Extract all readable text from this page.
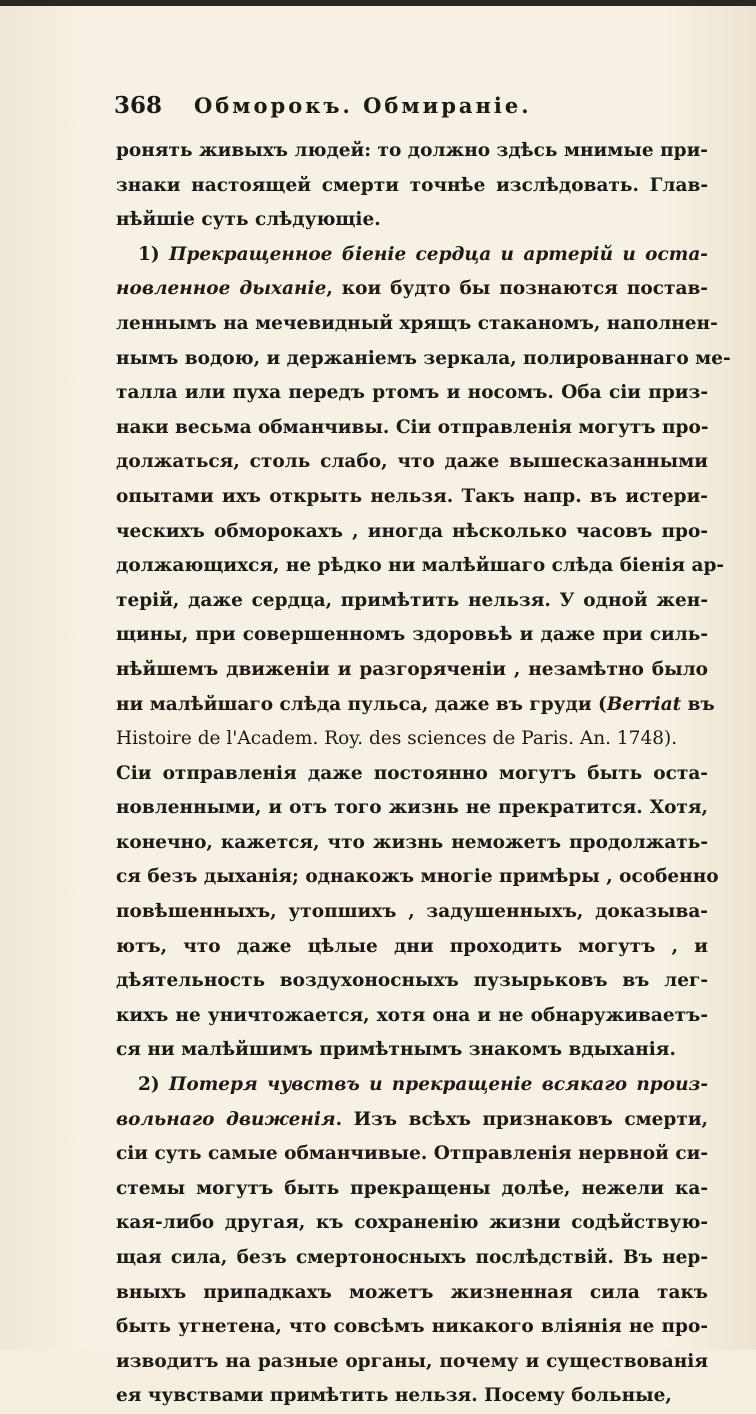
368	Обморокъ. Обмираніе.
ронять живыхъ людей: то должно здѣсь мнимые при-
знаки настоящей смерти точнѣе изслѣдовать. Глав-
нѣйшіе суть слѣдующіе.
1) Прекращенное біеніе сердца и артерій и оста-
новленное дыханіе, кои будто бы познаются постав-
леннымъ на мечевидный хрящъ стаканомъ, наполнен-
нымъ водою, и держаніемъ зеркала, полированнаго ме-
талла или пуха передъ ртомъ и носомъ. Оба сіи приз-
наки весьма обманчивы. Сіи отправленія могутъ про-
должаться, столь слабо, что даже вышесказанными
опытами ихъ открыть нельзя. Такъ напр. въ истери-
ческихъ обморокахъ , иногда нѣсколько часовъ про-
должающихся, не рѣдко ни малѣйшаго слѣда біенія ар-
терій, даже сердца, примѣтить нельзя. У одной жен-
щины, при совершенномъ здоровьѣ и даже при силь-
нѣйшемъ движеніи и разгоряченіи , незамѣтно было
ни малѣйшаго слѣда пульса, даже въ груди (Berriat въ
Histoire de l'Academ. Roy. des sciences de Paris. An. 1748).
Сіи отправленія даже постоянно могутъ быть оста-
новленными, и отъ того жизнь не прекратится. Хотя,
конечно, кажется, что жизнь неможетъ продолжать-
ся безъ дыханія; однакожъ многіе примѣры , особенно
повѣшенныхъ, утопшихъ , задушенныхъ, доказыва-
ютъ, что даже цѣлые дни проходить могутъ , и
дѣятельность воздухоносныхъ пузырьковъ въ лег-
кихъ не уничтожается, хотя она и не обнаруживаетъ-
ся ни малѣйшимъ примѣтнымъ знакомъ вдыханія.
2) Потеря чувствъ и прекращеніе всякаго произ-
вольнаго движенія. Изъ всѣхъ признаковъ смерти,
сіи суть самые обманчивые. Отправленія нервной си-
стемы могутъ быть прекращены долѣе, нежели ка-
кая-либо другая, къ сохраненію жизни содѣйствую-
щая сила, безъ смертоносныхъ послѣдствій. Въ нер-
вныхъ припадкахъ можетъ жизненная сила такъ
быть угнетена, что совсѣмъ никакого вліянія не про-
изводитъ на разные органы, почему и существованія
ея чувствами примѣтить нельзя. Посему больные,
